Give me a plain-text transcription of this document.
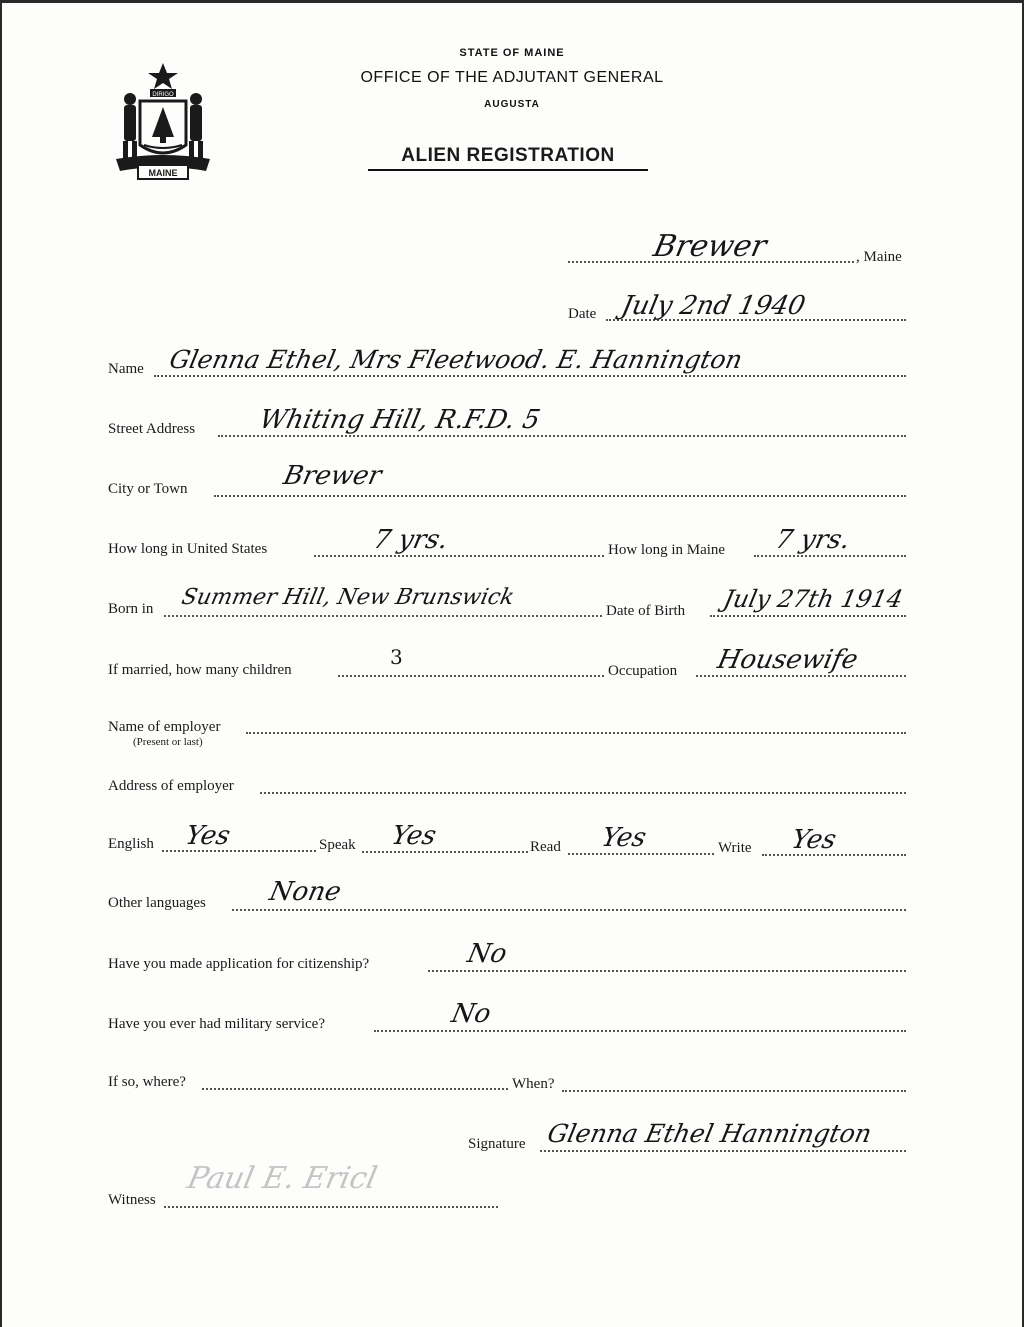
DIRIGO
MAINE
STATE OF MAINE
OFFICE OF THE ADJUTANT GENERAL
AUGUSTA
ALIEN REGISTRATION
Brewer	, Maine
Date July 2nd 1940
Name Glenna Ethel, Mrs Fleetwood. E. Hannington
Street Address Whiting Hill, R.F.D. 5
City or Town	Brewer
How long in United States	7 yrs.	How long in Maine 7 yrs.
Born in Summer Hill, New Brunswick
Date of Birth July 27th 1914
If married, how many children
3
Occupation Housewife
Name of employer
(Present or last)
Address of employer
English Yes	Speak Yes	Read Yes	Write Yes
Other languages None
Have you made application for citizenship?	No
Have you ever had military service?	No
If so, where?	When?
Signature Glenna Ethel Hannington
Witness
Paul E. Ericl
